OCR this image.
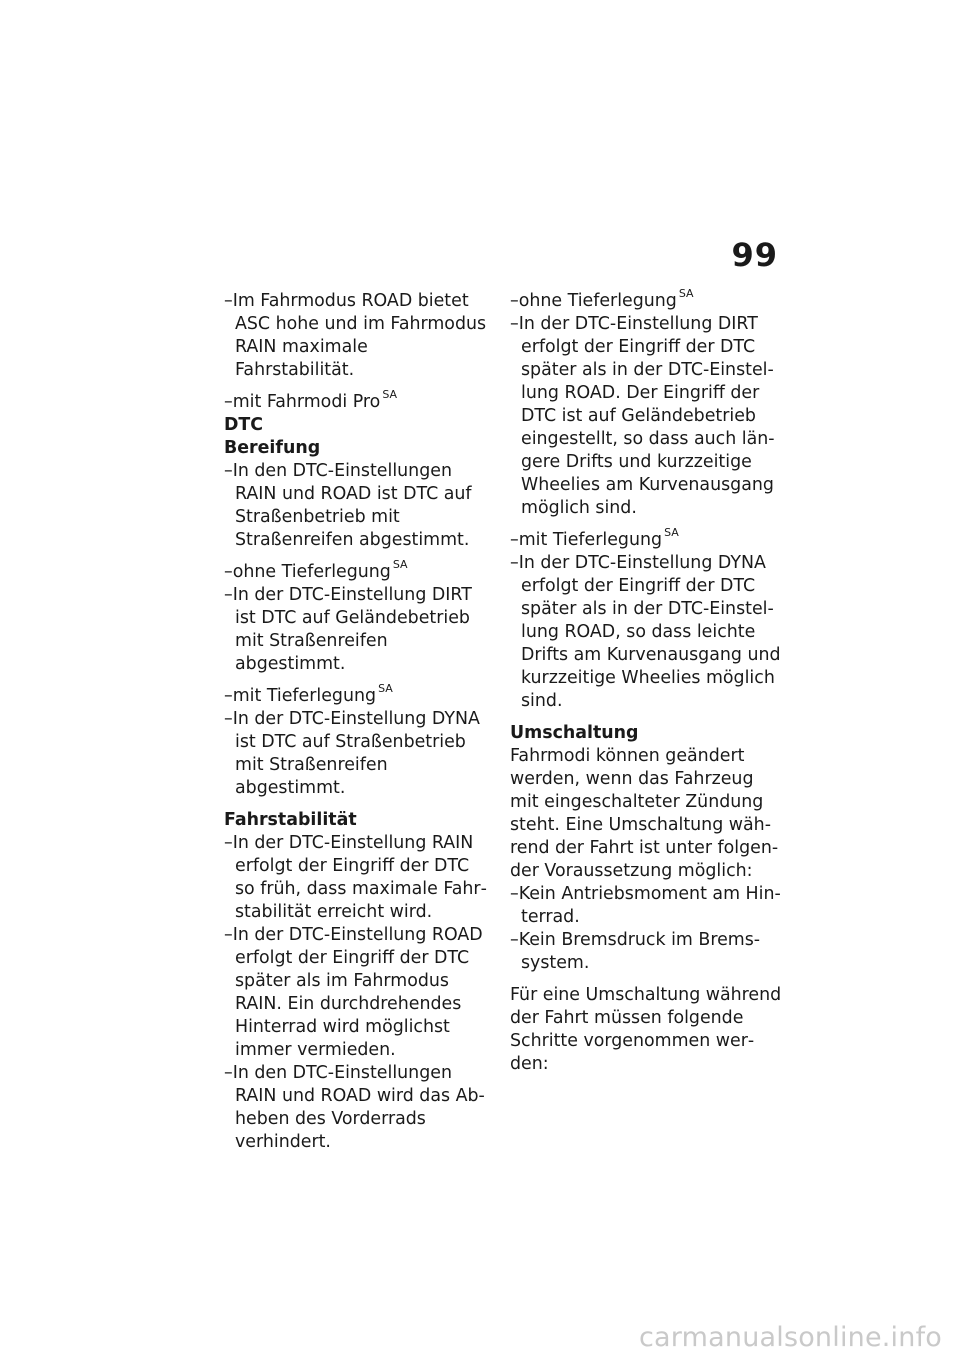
99
–Im Fahrmodus ROAD bietet ASC hohe und im Fahrmodus RAIN maximale Fahrstabilität.
–mit Fahrmodi Pro $^{SA}$
DTC
Bereifung
–In den DTC-Einstellungen RAIN und ROAD ist DTC auf Straßenbetrieb mit Straßenreifen abgestimmt.
–ohne Tieferlegung $^{SA}$
–In der DTC-Einstellung DIRT ist DTC auf Geländebetrieb mit Straßenreifen abgestimmt.
–mit Tieferlegung $^{SA}$
–In der DTC-Einstellung DYNA ist DTC auf Straßenbetrieb mit Straßenreifen abgestimmt.
Fahrstabilität
–In der DTC-Einstellung RAIN erfolgt der Eingriff der DTC so früh, dass maximale Fahrstabilität erreicht wird.
–In der DTC-Einstellung ROAD erfolgt der Eingriff der DTC später als im Fahrmodus RAIN. Ein durchdrehendes Hinterrad wird möglichst immer vermieden.
–In den DTC-Einstellungen RAIN und ROAD wird das Abheben des Vorderrads verhindert.
–ohne Tieferlegung $^{SA}$
–In der DTC-Einstellung DIRT erfolgt der Eingriff der DTC später als in der DTC-Einstellung ROAD. Der Eingriff der DTC ist auf Geländebetrieb eingestellt, so dass auch längere Drifts und kurzzeitige Wheelies am Kurvenausgang möglich sind.
–mit Tieferlegung $^{SA}$
–In der DTC-Einstellung DYNA erfolgt der Eingriff der DTC später als in der DTC-Einstellung ROAD, so dass leichte Drifts am Kurvenausgang und kurzzeitige Wheelies möglich sind.
Umschaltung

Fahrmodi können geändert werden, wenn das Fahrzeug mit eingeschalteter Zündung steht. Eine Umschaltung während der Fahrt ist unter folgender Voraussetzung möglich:

–Kein Antriebsmoment am Hinterrad.
–Kein Bremsdruck im Bremssystem.

Für eine Umschaltung während der Fahrt müssen folgende Schritte vorgenommen werden:

carmanualsonline.info
